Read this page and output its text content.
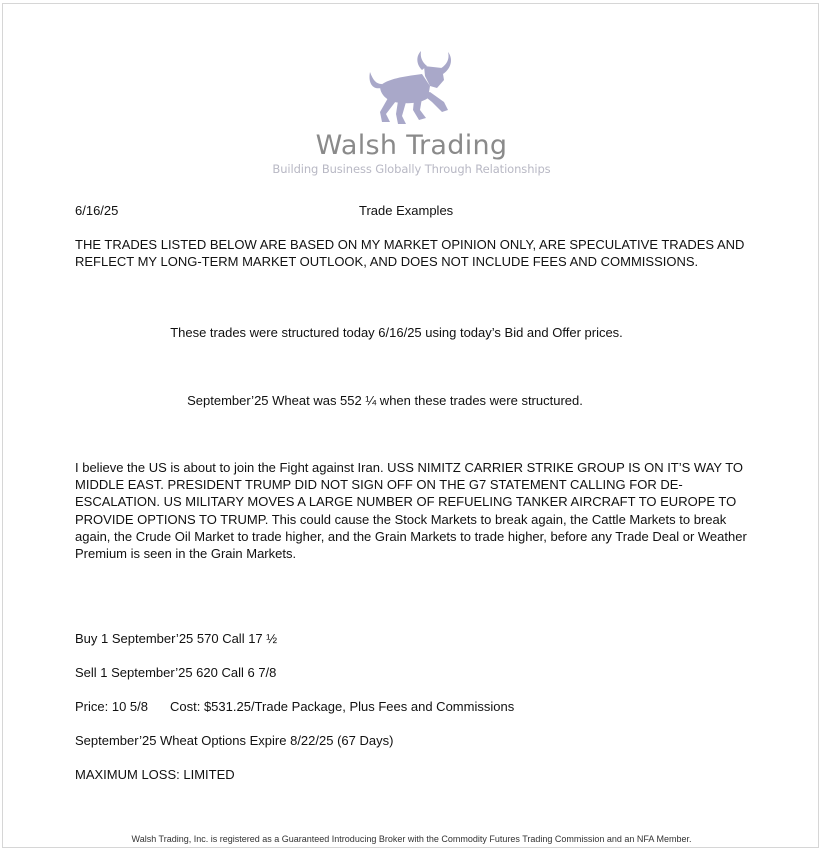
Walsh Trading
Building Business Globally Through Relationships
6/16/25	Trade Examples
THE TRADES LISTED BELOW ARE BASED ON MY MARKET OPINION ONLY, ARE SPECULATIVE TRADES AND REFLECT MY LONG-TERM MARKET OUTLOOK, AND DOES NOT INCLUDE FEES AND COMMISSIONS.
These trades were structured today 6/16/25 using today’s Bid and Offer prices.
September’25 Wheat was 552 ¼ when these trades were structured.
I believe the US is about to join the Fight against Iran. USS NIMITZ CARRIER STRIKE GROUP IS ON IT’S WAY TO MIDDLE EAST. PRESIDENT TRUMP DID NOT SIGN OFF ON THE G7 STATEMENT CALLING FOR DE-ESCALATION. US MILITARY MOVES A LARGE NUMBER OF REFUELING TANKER AIRCRAFT TO EUROPE TO PROVIDE OPTIONS TO TRUMP. This could cause the Stock Markets to break again, the Cattle Markets to break again, the Crude Oil Market to trade higher, and the Grain Markets to trade higher, before any Trade Deal or Weather Premium is seen in the Grain Markets.
Buy 1 September’25 570 Call 17 ½
Sell 1 September’25 620 Call 6 7/8
Price: 10 5/8 Cost: $531.25/Trade Package, Plus Fees and Commissions
September’25 Wheat Options Expire 8/22/25 (67 Days)
MAXIMUM LOSS: LIMITED
Walsh Trading, Inc. is registered as a Guaranteed Introducing Broker with the Commodity Futures Trading Commission and an NFA Member.
